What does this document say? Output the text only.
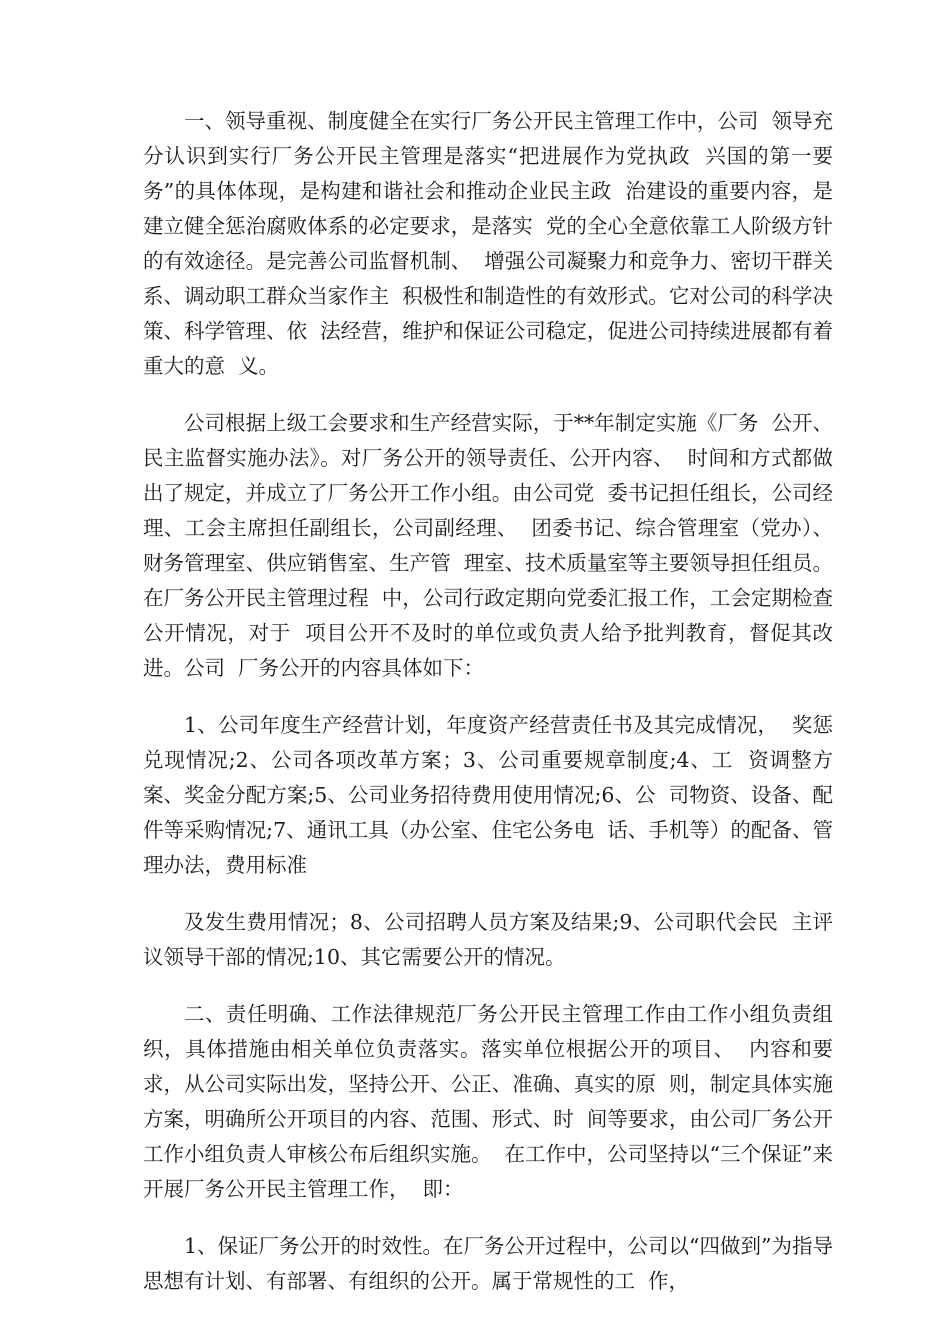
一、领导重视、制度健全在实行厂务公开民主管理工作中，公司  领导充分认识到实行厂务公开民主管理是落实“把进展作为党执政  兴国的第一要务”的具体体现，是构建和谐社会和推动企业民主政  治建设的重要内容，是建立健全惩治腐败体系的必定要求，是落实  党的全心全意依靠工人阶级方针的有效途径。是完善公司监督机制、  增强公司凝聚力和竞争力、密切干群关系、调动职工群众当家作主  积极性和制造性的有效形式。它对公司的科学决策、科学管理、依  法经营，维护和保证公司稳定，促进公司持续进展都有着重大的意  义。

公司根据上级工会要求和生产经营实际，于**年制定实施《厂务  公开、民主监督实施办法》。对厂务公开的领导责任、公开内容、  时间和方式都做出了规定，并成立了厂务公开工作小组。由公司党  委书记担任组长，公司经理、工会主席担任副组长，公司副经理、  团委书记、综合管理室（党办）、财务管理室、供应销售室、生产管  理室、技术质量室等主要领导担任组员。在厂务公开民主管理过程  中，公司行政定期向党委汇报工作，工会定期检查公开情况，对于  项目公开不及时的单位或负责人给予批判教育，督促其改进。公司  厂务公开的内容具体如下：

1、公司年度生产经营计划，年度资产经营责任书及其完成情况，  奖惩兑现情况;2、公司各项改革方案；3、公司重要规章制度;4、工  资调整方案、奖金分配方案;5、公司业务招待费用使用情况;6、公  司物资、设备、配件等采购情况;7、通讯工具（办公室、住宅公务电  话、手机等）的配备、管理办法，费用标准

及发生费用情况；8、公司招聘人员方案及结果;9、公司职代会民  主评议领导干部的情况;10、其它需要公开的情况。

二、责任明确、工作法律规范厂务公开民主管理工作由工作小组负责组织，具体措施由相关单位负责落实。落实单位根据公开的项目、  内容和要求，从公司实际出发，坚持公开、公正、准确、真实的原  则，制定具体实施方案，明确所公开项目的内容、范围、形式、时  间等要求，由公司厂务公开工作小组负责人审核公布后组织实施。  在工作中，公司坚持以“三个保证”来开展厂务公开民主管理工作，  即：

1、保证厂务公开的时效性。在厂务公开过程中，公司以“四做到”为指导思想有计划、有部署、有组织的公开。属于常规性的工  作，
